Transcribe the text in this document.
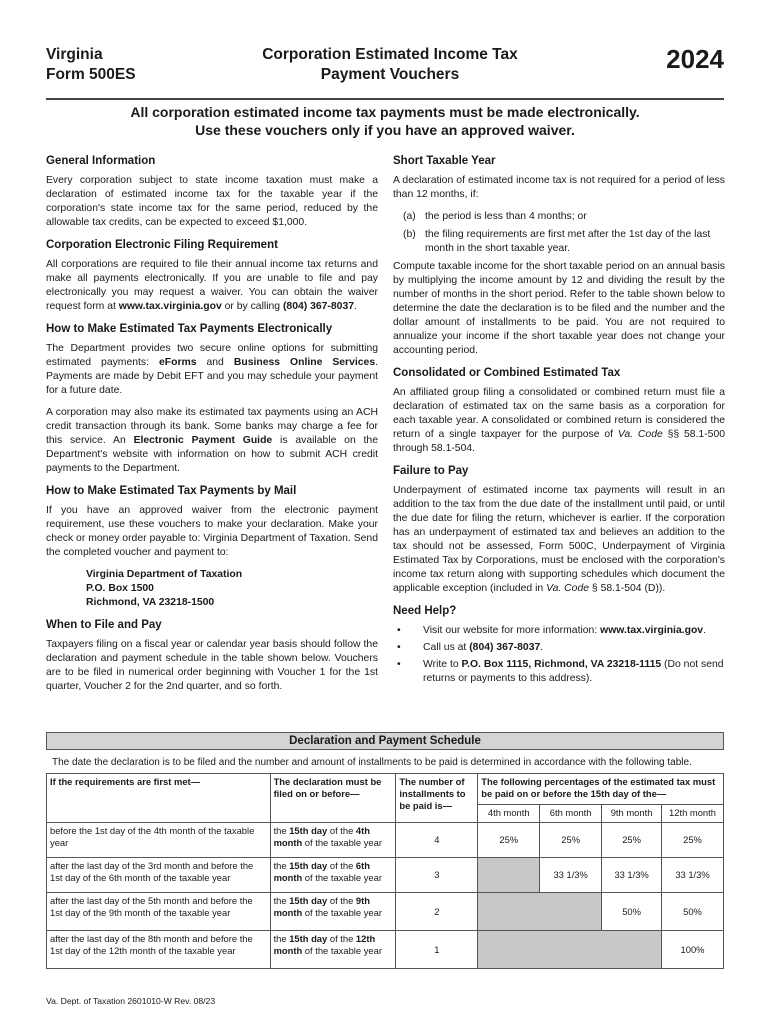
Virginia
Form 500ES
Corporation Estimated Income Tax
Payment Vouchers
2024
All corporation estimated income tax payments must be made electronically.
Use these vouchers only if you have an approved waiver.
General Information

Every corporation subject to state income taxation must make a declaration of estimated income tax for the taxable year if the corporation's state income tax for the same period, reduced by the allowable tax credits, can be expected to exceed $1,000.

Corporation Electronic Filing Requirement

All corporations are required to file their annual income tax returns and make all payments electronically. If you are unable to file and pay electronically you may request a waiver. You can obtain the waiver request form at www.tax.virginia.gov or by calling (804) 367-8037.

How to Make Estimated Tax Payments Electronically

The Department provides two secure online options for submitting estimated payments: eForms and Business Online Services. Payments are made by Debit EFT and you may schedule your payment for a future date.

A corporation may also make its estimated tax payments using an ACH credit transaction through its bank. Some banks may charge a fee for this service. An Electronic Payment Guide is available on the Department's website with information on how to submit ACH credit payments to the Department.

How to Make Estimated Tax Payments by Mail

If you have an approved waiver from the electronic payment requirement, use these vouchers to make your declaration. Make your check or money order payable to: Virginia Department of Taxation. Send the completed voucher and payment to:

Virginia Department of Taxation
P.O. Box 1500
Richmond, VA 23218-1500
When to File and Pay

Taxpayers filing on a fiscal year or calendar year basis should follow the declaration and payment schedule in the table shown below. Vouchers are to be filed in numerical order beginning with Voucher 1 for the 1st quarter, Voucher 2 for the 2nd quarter, and so forth.

Short Taxable Year

A declaration of estimated income tax is not required for a period of less than 12 months, if:

(a) the period is less than 4 months; or
(b) the filing requirements are first met after the 1st day of the last month in the short taxable year.

Compute taxable income for the short taxable period on an annual basis by multiplying the income amount by 12 and dividing the result by the number of months in the short period. Refer to the table shown below to determine the date the declaration is to be filed and the number and the dollar amount of installments to be paid. You are not required to annualize your income if the short taxable year does not change your accounting period.

Consolidated or Combined Estimated Tax

An affiliated group filing a consolidated or combined return must file a declaration of estimated tax on the same basis as a corporation for each taxable year. A consolidated or combined return is considered the return of a single taxpayer for the purpose of Va. Code §§ 58.1-500 through 58.1-504.

Failure to Pay

Underpayment of estimated income tax payments will result in an addition to the tax from the due date of the installment until paid, or until the due date for filing the return, whichever is earlier. If the corporation has an underpayment of estimated tax and believes an addition to the tax should not be assessed, Form 500C, Underpayment of Virginia Estimated Tax by Corporations, must be enclosed with the corporation's income tax return along with supporting schedules which document the applicable exception (included in Va. Code § 58.1-504 (D)).

Need Help?
•	Visit our website for more information: www.tax.virginia.gov.
•	Call us at (804) 367-8037.
•	Write to P.O. Box 1115, Richmond, VA 23218-1115 (Do not send returns or payments to this address).
Declaration and Payment Schedule
The date the declaration is to be filed and the number and amount of installments to be paid is determined in accordance with the following table.
If the requirements are first met—	The declaration must be filed on or before—	The number of installments to be paid is—	The following percentages of the estimated tax must be paid on or before the 15th day of the—			
			4th month	6th month	9th month	12th month
before the 1st day of the 4th month of the taxable year	the 15th day of the 4th month of the taxable year	4	25%	25%	25%	25%
after the last day of the 3rd month and before the 1st day of the 6th month of the taxable year	the 15th day of the 6th month of the taxable year	3		33 1/3%	33 1/3%	33 1/3%
after the last day of the 5th month and before the 1st day of the 9th month of the taxable year	the 15th day of the 9th month of the taxable year	2			50%	50%
after the last day of the 8th month and before the 1st day of the 12th month of the taxable year	the 15th day of the 12th month of the taxable year	1				100%
Va. Dept. of Taxation 2601010-W Rev. 08/23
